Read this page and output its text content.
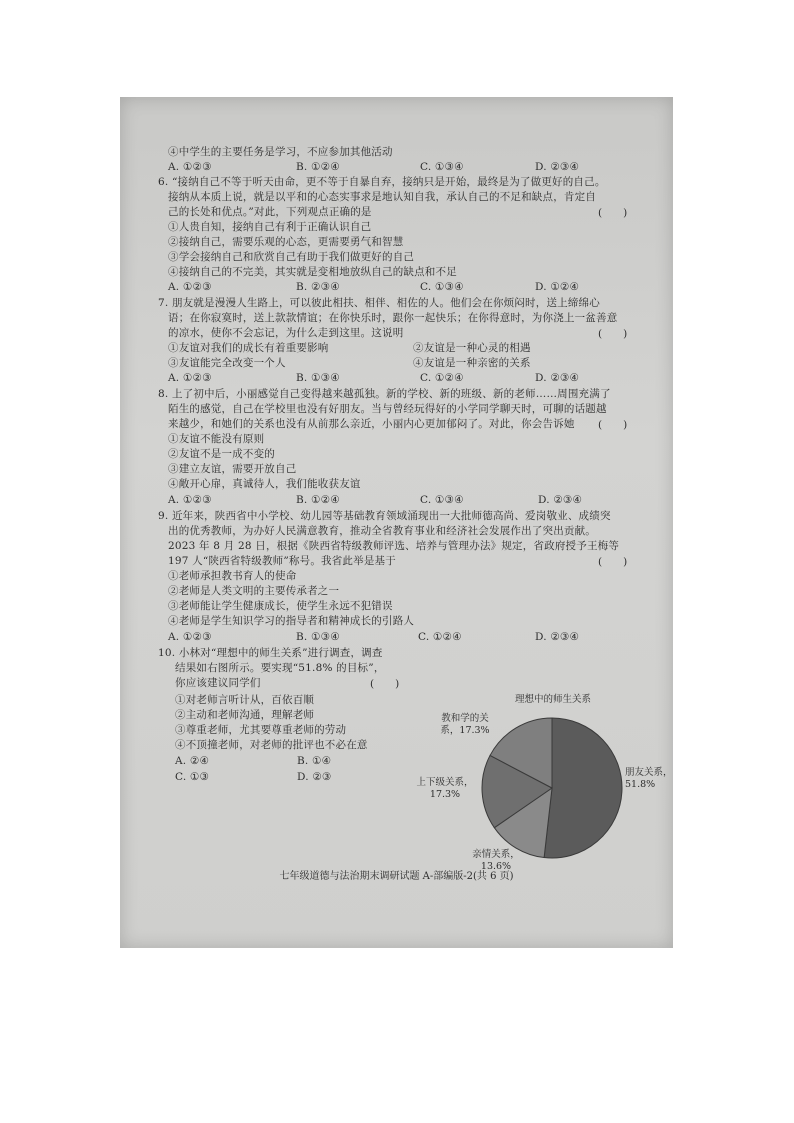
④中学生的主要任务是学习，不应参加其他活动
A. ①②③	B. ①②④	C. ①③④	D. ②③④
6. “接纳自己不等于听天由命，更不等于自暴自弃，接纳只是开始，最终是为了做更好的自己。
接纳从本质上说，就是以平和的心态实事求是地认知自我，承认自己的不足和缺点，肯定自
己的长处和优点。”对此，下列观点正确的是
①人贵自知，接纳自己有利于正确认识自己
②接纳自己，需要乐观的心态，更需要勇气和智慧
③学会接纳自己和欣赏自己有助于我们做更好的自己
④接纳自己的不完美，其实就是变相地放纵自己的缺点和不足
A. ①②③	B. ②③④	C. ①③④	D. ①②④
7. 朋友就是漫漫人生路上，可以彼此相扶、相伴、相佐的人。他们会在你烦闷时，送上缔绵心
语；在你寂寞时，送上款款情谊；在你快乐时，跟你一起快乐；在你得意时，为你浇上一盆善意
的凉水，使你不会忘记，为什么走到这里。这说明
①友谊对我们的成长有着重要影响	②友谊是一种心灵的相遇
③友谊能完全改变一个人	④友谊是一种亲密的关系
A. ①②③	B. ①③④	C. ①②④	D. ②③④
8. 上了初中后，小丽感觉自己变得越来越孤独。新的学校、新的班级、新的老师……周围充满了
陌生的感觉，自己在学校里也没有好朋友。当与曾经玩得好的小学同学聊天时，可聊的话题越
来越少，和她们的关系也没有从前那么亲近，小丽内心更加郁闷了。对此，你会告诉她
①友谊不能没有原则
②友谊不是一成不变的
③建立友谊，需要开放自己
④敞开心扉，真诚待人，我们能收获友谊
A. ①②③	B. ①②④	C. ①③④	D. ②③④
9. 近年来，陕西省中小学校、幼儿园等基础教育领域涌现出一大批师德高尚、爱岗敬业、成绩突
出的优秀教师，为办好人民满意教育，推动全省教育事业和经济社会发展作出了突出贡献。
2023 年 8 月 28 日，根据《陕西省特级教师评选、培养与管理办法》规定，省政府授予王梅等
197 人“陕西省特级教师”称号。我省此举是基于
①老师承担教书育人的使命
②老师是人类文明的主要传承者之一
③老师能让学生健康成长，使学生永远不犯错误
④老师是学生知识学习的指导者和精神成长的引路人
A. ①②③	B. ①③④	C. ①②④	D. ②③④
10. 小林对“理想中的师生关系”进行调查，调查
结果如右图所示。要实现“51.8% 的目标”，
你应该建议同学们
①对老师言听计从，百依百顺
②主动和老师沟通，理解老师
③尊重老师，尤其要尊重老师的劳动
④不顶撞老师，对老师的批评也不必在意
A. ②④	B. ①④
C. ①③	D. ②③
(　　)
(　　)
(　　)
(　　)
(　　)
理想中的师生关系
朋友关系，
51.8%
亲情关系，
13.6%
上下级关系，
17.3%
教和学的关
系，17.3%
七年级道德与法治期末调研试题 A-部编版-2(共 6 页)
